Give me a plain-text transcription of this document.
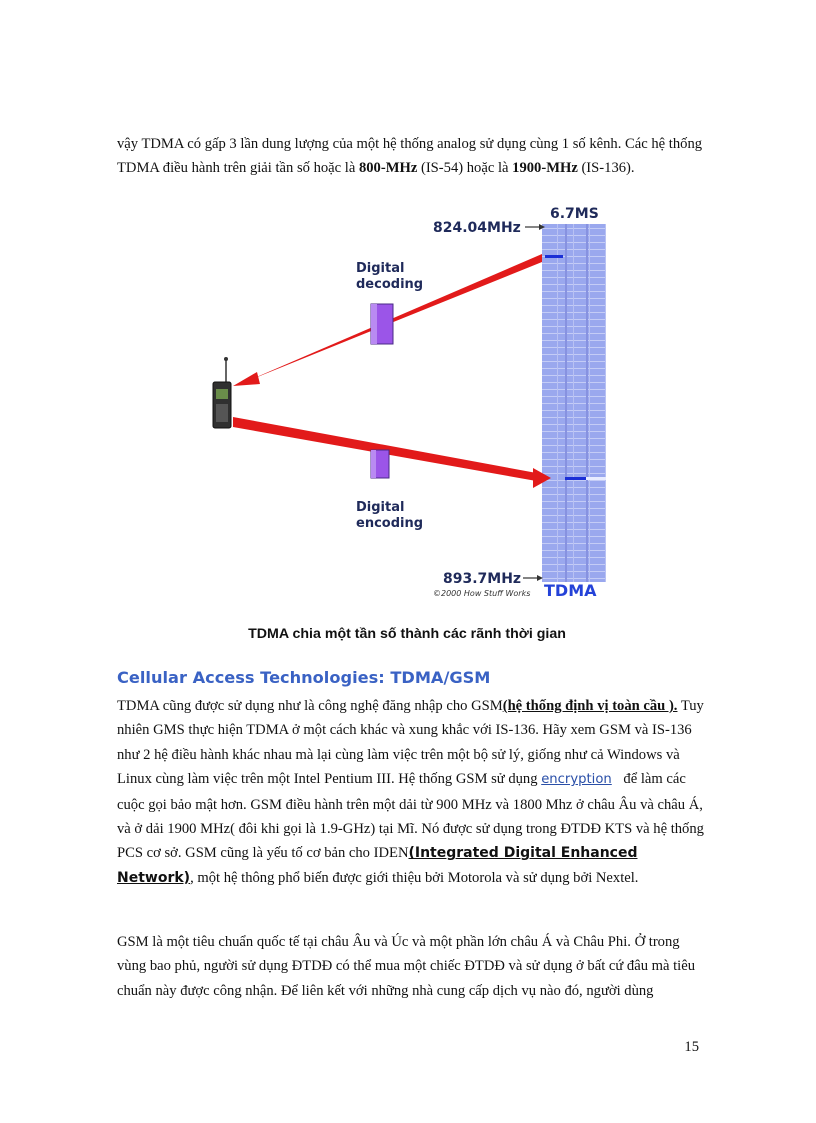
vậy TDMA có gấp 3 lần dung lượng của một hệ thống analog sử dụng cùng 1 số kênh. Các hệ thống TDMA điều hành trên giải tần số hoặc là 800-MHz (IS-54) hoặc là 1900-MHz (IS-136).

6.7MS
824.04MHz
893.7MHz
©2000 How Stuff Works TDMA
Digital
decoding
Digital
encoding
TDMA chia một tần số thành các rãnh thời gian
Cellular Access Technologies: TDMA/GSM

TDMA cũng được sử dụng như là công nghệ đăng nhập cho GSM(hệ thống định vị toàn cầu ). Tuy nhiên GMS thực hiện TDMA ở một cách khác và xung khắc với IS-136. Hãy xem GSM và IS-136 như 2 hệ điều hành khác nhau mà lại cùng làm việc trên một bộ sử lý, giống như cả Windows và Linux cùng làm việc trên một Intel Pentium III. Hệ thống GSM sử dụng encryption để làm các cuộc gọi bảo mật hơn. GSM điều hành trên một dải từ 900 MHz và 1800 Mhz ở châu Âu và châu Á, và ở dải 1900 MHz( đôi khi gọi là 1.9-GHz) tại Mĩ. Nó được sử dụng trong ĐTDĐ KTS và hệ thống PCS cơ sở. GSM cũng là yếu tố cơ bản cho IDEN(Integrated Digital Enhanced Network), một hệ thông phổ biến được giới thiệu bởi Motorola và sử dụng bởi Nextel.

GSM là một tiêu chuẩn quốc tế tại châu Âu và Úc và một phần lớn châu Á và Châu Phi. Ở trong vùng bao phủ, người sử dụng ĐTDĐ có thể mua một chiếc ĐTDĐ và sử dụng ở bất cứ đâu mà tiêu chuẩn này được công nhận. Để liên kết với những nhà cung cấp dịch vụ nào đó, người dùng

15
